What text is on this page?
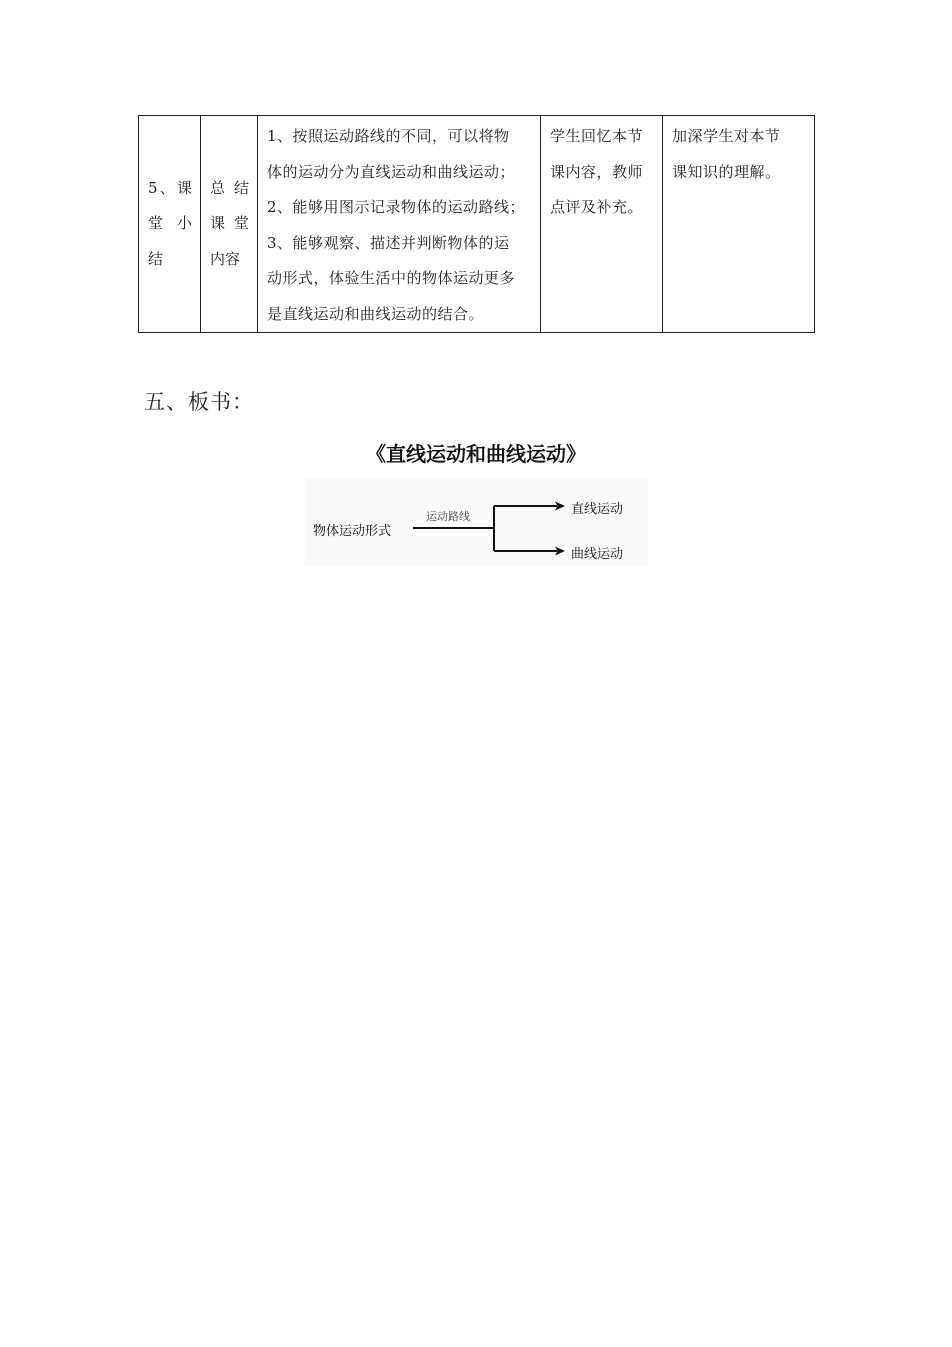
5、课
堂 小
结

总 结
课 堂
内容

1、按照运动路线的不同，可以将物
体的运动分为直线运动和曲线运动；
2、能够用图示记录物体的运动路线；
3、能够观察、描述并判断物体的运
动形式，体验生活中的物体运动更多
是直线运动和曲线运动的结合。

学生回忆本节
课内容，教师
点评及补充。

加深学生对本节
课知识的理解。
五、板书：
《直线运动和曲线运动》
物体运动形式
运动路线	直线运动
曲线运动
